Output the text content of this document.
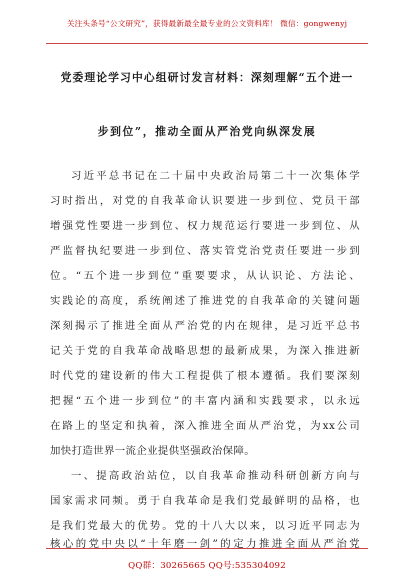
关注头条号“公文研究”，获得最新最全最专业的公文资料库！ 微信：gongwenyj
党委理论学习中心组研讨发言材料：深刻理解“五个进一
步到位”，推动全面从严治党向纵深发展
习近平总书记在二十届中央政治局第二十一次集体学
习时指出，对党的自我革命认识要进一步到位、党员干部
增强党性要进一步到位、权力规范运行要进一步到位、从
严监督执纪要进一步到位、落实管党治党责任要进一步到
位。“五个进一步到位”重要要求，从认识论、方法论、
实践论的高度，系统阐述了推进党的自我革命的关键问题
深刻揭示了推进全面从严治党的内在规律，是习近平总书
记关于党的自我革命战略思想的最新成果，为深入推进新
时代党的建设新的伟大工程提供了根本遵循。我们要深刻
把握“五个进一步到位”的丰富内涵和实践要求，以永远
在路上的坚定和执着，深入推进全面从严治党，为xx公司
加快打造世界一流企业提供坚强政治保障。
一、提高政治站位，以自我革命推动科研创新方向与
国家需求同频。勇于自我革命是我们党最鲜明的品格，也
是我们党最大的优势。党的十八大以来，以习近平同志为
核心的党中央以“十年磨一剑”的定力推进全面从严治党
QQ群：30265665 QQ号:535304092
